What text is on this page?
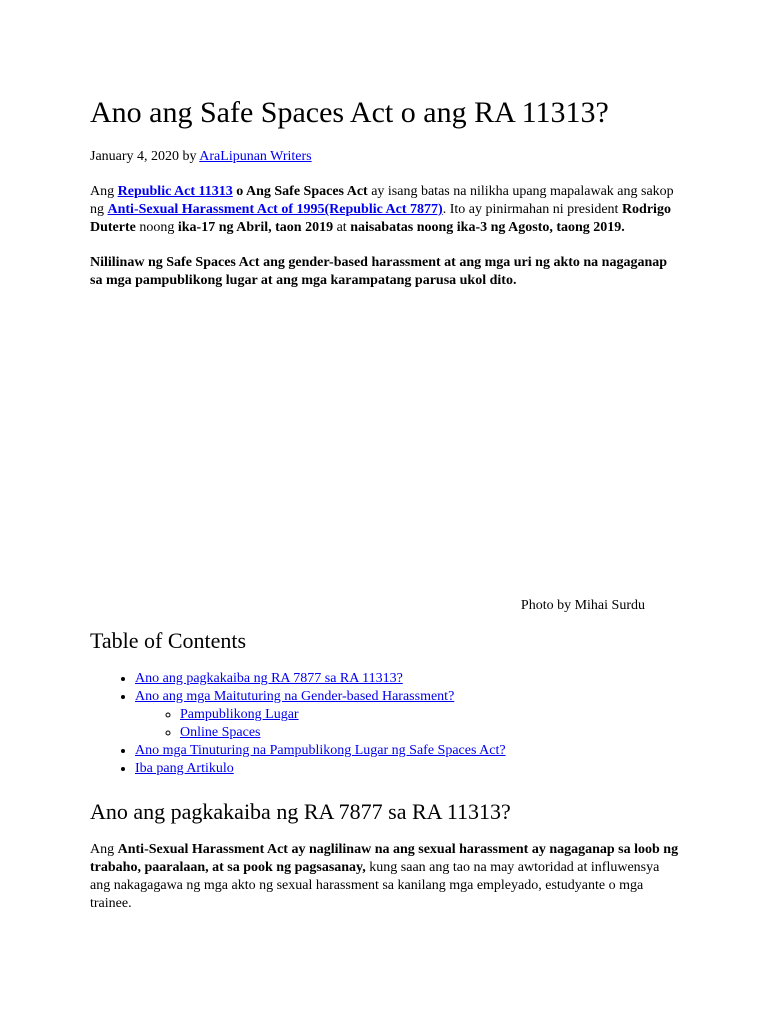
Ano ang Safe Spaces Act o ang RA 11313?
January 4, 2020 by AraLipunan Writers

Ang Republic Act 11313 o Ang Safe Spaces Act ay isang batas na nilikha upang mapalawak ang sakop ng Anti-Sexual Harassment Act of 1995(Republic Act 7877). Ito ay pinirmahan ni president Rodrigo Duterte noong ika-17 ng Abril, taon 2019 at naisabatas noong ika-3 ng Agosto, taong 2019.

Nililinaw ng Safe Spaces Act ang gender-based harassment at ang mga uri ng akto na nagaganap sa mga pampublikong lugar at ang mga karampatang parusa ukol dito.

Photo by Mihai Surdu
Table of Contents
• Ano ang pagkakaiba ng RA 7877 sa RA 11313?
• Ano ang mga Maituturing na Gender-based Harassment?
◦ Pampublikong Lugar
◦ Online Spaces
• Ano mga Tinuturing na Pampublikong Lugar ng Safe Spaces Act?
• Iba pang Artikulo
Ano ang pagkakaiba ng RA 7877 sa RA 11313?

Ang Anti-Sexual Harassment Act ay naglilinaw na ang sexual harassment ay nagaganap sa loob ng trabaho, paaralaan, at sa pook ng pagsasanay, kung saan ang tao na may awtoridad at influwensya ang nakagagawa ng mga akto ng sexual harassment sa kanilang mga empleyado, estudyante o mga trainee.
